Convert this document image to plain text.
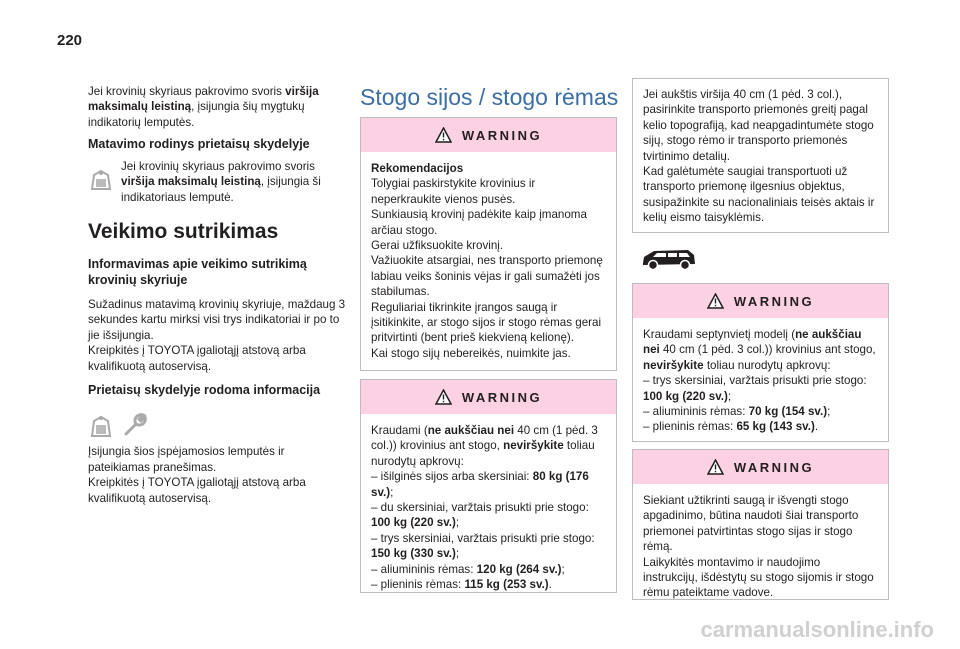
220

Jei krovinių skyriaus pakrovimo svoris viršija maksimalų leistiną, įsijungia šių mygtukų indikatorių lemputės.

Matavimo rodinys prietaisų skydelyje

Jei krovinių skyriaus pakrovimo svoris viršija maksimalų leistiną, įsijungia ši indikatoriaus lemputė.

Veikimo sutrikimas

Informavimas apie veikimo sutrikimą krovinių skyriuje

Sužadinus matavimą krovinių skyriuje, maždaug 3 sekundes kartu mirksi visi trys indikatoriai ir po to jie išsijungia.

Kreipkitės į TOYOTA įgaliotąjį atstovą arba kvalifikuotą autoservisą.

Prietaisų skydelyje rodoma informacija

Įsijungia šios įspėjamosios lemputės ir pateikiamas pranešimas.

Kreipkitės į TOYOTA įgaliotąjį atstovą arba kvalifikuotą autoservisą.

Stogo sijos / stogo rėmas
WARNING
Rekomendacijos
Tolygiai paskirstykite krovinius ir neperkraukite vienos pusės.
Sunkiausią krovinį padėkite kaip įmanoma arčiau stogo.
Gerai užfiksuokite krovinį.
Važiuokite atsargiai, nes transporto priemonę labiau veiks šoninis vėjas ir gali sumažėti jos stabilumas.
Reguliariai tikrinkite įrangos saugą ir įsitikinkite, ar stogo sijos ir stogo rėmas gerai pritvirtinti (bent prieš kiekvieną kelionę).
Kai stogo sijų nebereikės, nuimkite jas.
WARNING

Kraudami (ne aukščiau nei 40 cm (1 pėd. 3 col.)) krovinius ant stogo, neviršykite toliau nurodytų apkrovų:

– išilginės sijos arba skersiniai: 80 kg (176 sv.);
– du skersiniai, varžtais prisukti prie stogo: 100 kg (220 sv.);
– trys skersiniai, varžtais prisukti prie stogo: 150 kg (330 sv.);
– aliumininis rėmas: 120 kg (264 sv.);
– plieninis rėmas: 115 kg (253 sv.).

Jei aukštis viršija 40 cm (1 pėd. 3 col.), pasirinkite transporto priemonės greitį pagal kelio topografiją, kad neapgadintumėte stogo sijų, stogo rėmo ir transporto priemonės tvirtinimo detalių.

Kad galėtumėte saugiai transportuoti už transporto priemonę ilgesnius objektus, susipažinkite su nacionaliniais teisės aktais ir kelių eismo taisyklėmis.

WARNING

Kraudami septynvietį modelį (ne aukščiau nei 40 cm (1 pėd. 3 col.)) krovinius ant stogo, neviršykite toliau nurodytų apkrovų:

– trys skersiniai, varžtais prisukti prie stogo: 100 kg (220 sv.);
– aliumininis rėmas: 70 kg (154 sv.);
– plieninis rėmas: 65 kg (143 sv.).
WARNING

Siekiant užtikrinti saugą ir išvengti stogo apgadinimo, būtina naudoti šiai transporto priemonei patvirtintas stogo sijas ir stogo rėmą.

Laikykitės montavimo ir naudojimo instrukcijų, išdėstytų su stogo sijomis ir stogo rėmu pateiktame vadove.

carmanualsonline.info
